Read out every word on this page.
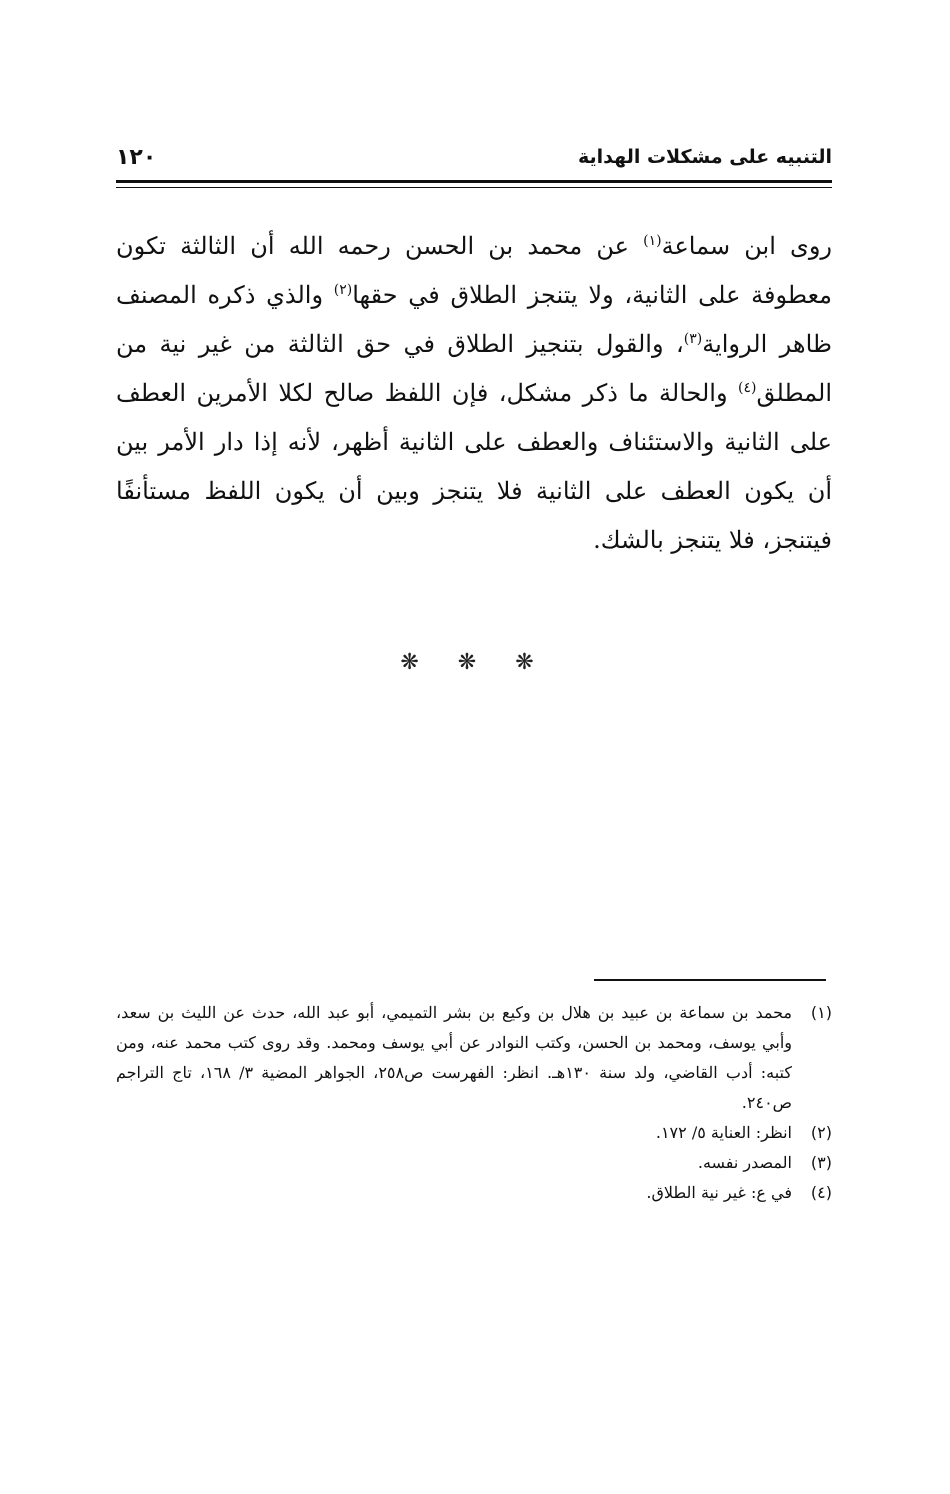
١٢٠	التنبيه على مشكلات الهداية

روى ابن سماعة$^{(١)}$ عن محمد بن الحسن رحمه الله أن الثالثة تكون معطوفة على الثانية، ولا يتنجز الطلاق في حقها$^{(٢)}$ والذي ذكره المصنف ظاهر الرواية$^{(٣)}$، والقول بتنجيز الطلاق في حق الثالثة من غير نية من المطلق$^{(٤)}$ والحالة ما ذكر مشكل، فإن اللفظ صالح لكلا الأمرين العطف على الثانية والاستئناف والعطف على الثانية أظهر، لأنه إذا دار الأمر بين أن يكون العطف على الثانية فلا يتنجز وبين أن يكون اللفظ مستأنفًا فيتنجز، فلا يتنجز بالشك.

❋ ❋ ❋
(١)
محمد بن سماعة بن عبيد بن هلال بن وكيع بن بشر التميمي، أبو عبد الله، حدث عن الليث بن سعد، وأبي يوسف، ومحمد بن الحسن، وكتب النوادر عن أبي يوسف ومحمد. وقد روى كتب محمد عنه، ومن كتبه: أدب القاضي، ولد سنة ١٣٠هـ. انظر: الفهرست ص٢٥٨، الجواهر المضية ٣/ ١٦٨، تاج التراجم ص٢٤٠.
(٢)
انظر: العناية ٥/ ١٧٢.
(٣)
المصدر نفسه.
(٤)
في ع: غير نية الطلاق.
